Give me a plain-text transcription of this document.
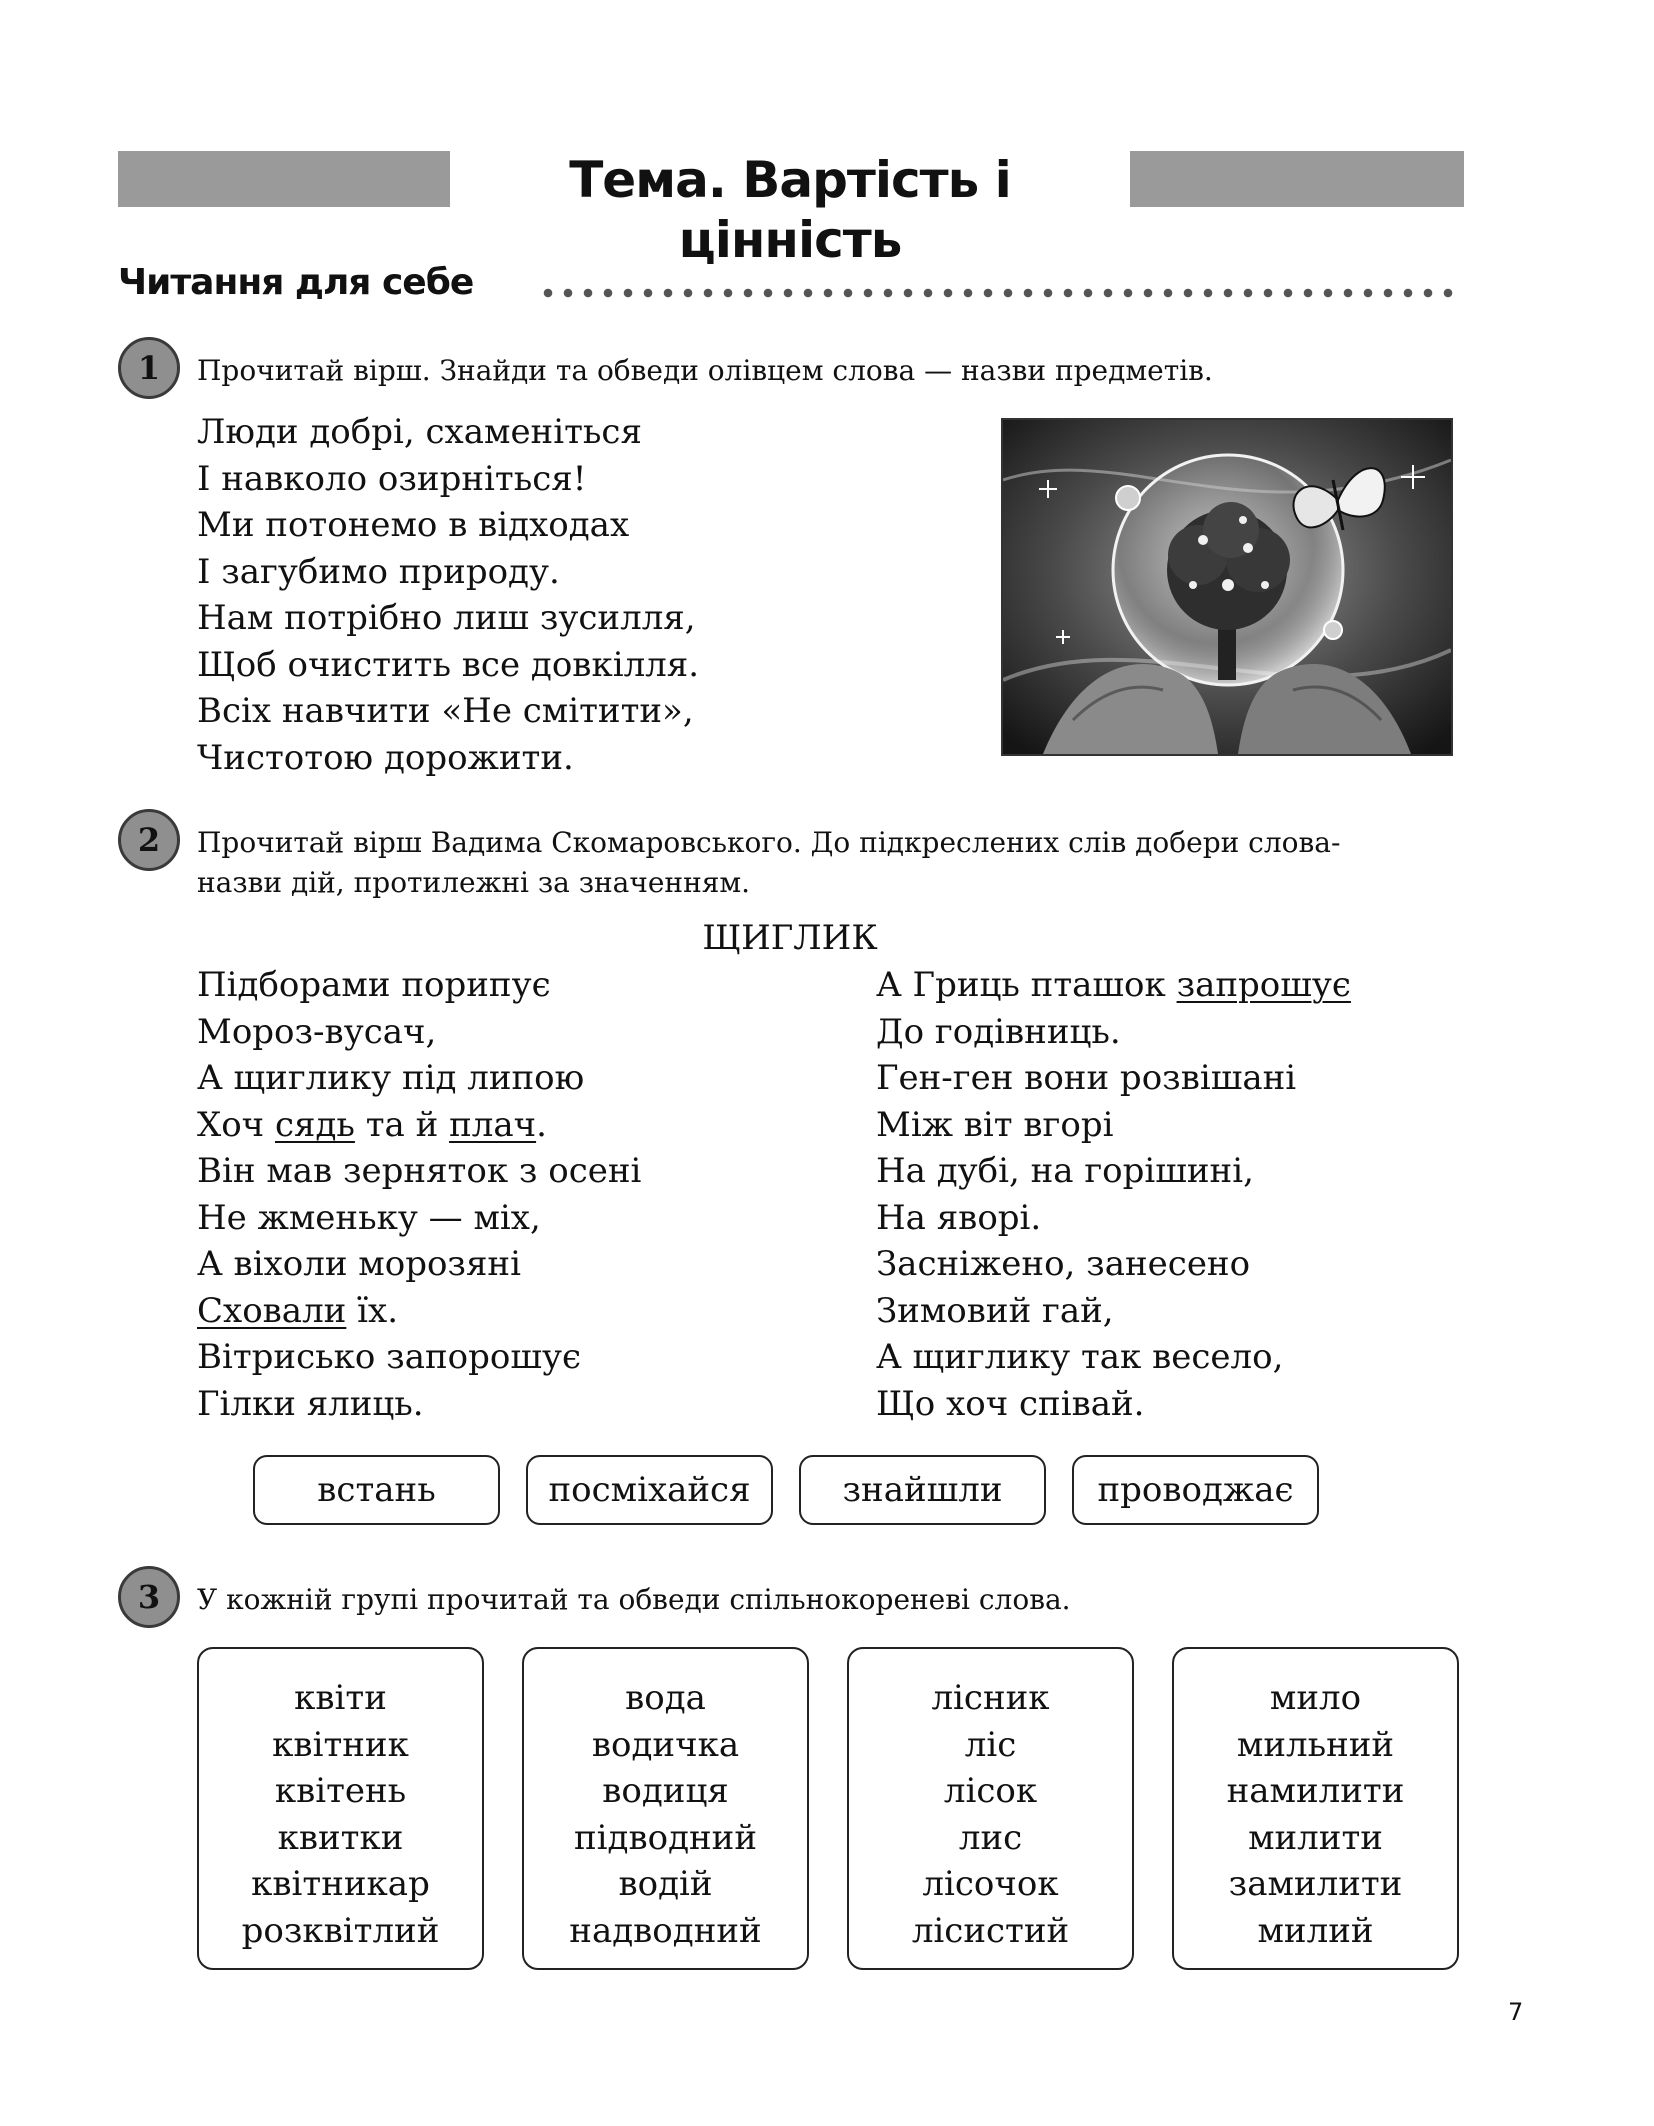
Тема. Вартість і цінність
Читання для себе
1	Прочитай вірш. Знайди та обведи олівцем слова — назви предметів.
Люди добрі, схаменіться
І навколо озирніться!
Ми потонемо в відходах
І загубимо природу.
Нам потрібно лиш зусилля,
Щоб очистить все довкілля.
Всіх навчити «Не смітити»,
Чистотою дорожити.
2	Прочитай вірш Вадима Скомаровського. До підкреслених слів добери слова-
назви дій, протилежні за значенням.
ЩИГЛИК
Підборами порипує
Мороз-вусач,
А щиглику під липою
Хоч сядь та й плач.
Він мав зерняток з осені
Не жменьку — міх,
А віхоли морозяні
Сховали їх.
Вітрисько запорошує
Гілки ялиць.
А Гриць пташок запрошує
До годівниць.
Ген-ген вони розвішані
Між віт вгорі
На дубі, на горішині,
На яворі.
Засніжено, занесено
Зимовий гай,
А щиглику так весело,
Що хоч співай.
встань	посміхайся	знайшли	проводжає
3	У кожній групі прочитай та обведи спільнокореневі слова.
квіти
квітник
квітень
квитки
квітникар
розквітлий
вода
водичка
водиця
підводний
водій
надводний
лісник
ліс
лісок
лис
лісочок
лісистий
мило
мильний
намилити
милити
замилити
милий
7
